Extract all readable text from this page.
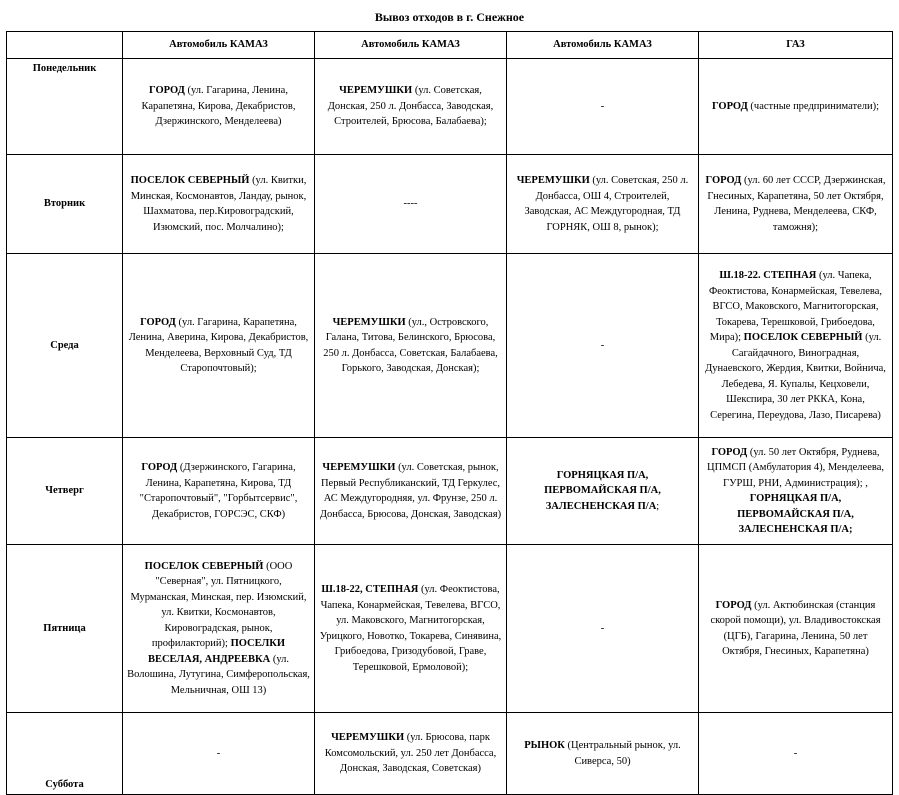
Вывоз отходов в г. Снежное
	Автомобиль КАМАЗ	Автомобиль КАМАЗ	Автомобиль КАМАЗ	ГАЗ
Понедельник	ГОРОД (ул. Гагарина, Ленина, Карапетяна, Кирова, Декабристов, Дзержинского, Менделеева)	ЧЕРЕМУШКИ (ул. Советская, Донская, 250 л. Донбасса, Заводская, Строителей, Брюсова, Балабаева);	-	ГОРОД (частные предприниматели);
Вторник	ПОСЕЛОК СЕВЕРНЫЙ (ул. Квитки, Минская, Космонавтов, Ландау, рынок, Шахматова, пер.Кировоградский, Изюмский, пос. Молчалино);	----	ЧЕРЕМУШКИ (ул. Советская, 250 л. Донбасса, ОШ 4, Строителей, Заводская, АС Междугородная, ТД ГОРНЯК, ОШ 8, рынок);	ГОРОД (ул. 60 лет СССР, Дзержинская, Гнесиных, Карапетяна, 50 лет Октября, Ленина, Руднева, Менделеева, СКФ, таможня);
Среда	ГОРОД (ул. Гагарина, Карапетяна, Ленина, Аверина, Кирова, Декабристов, Менделеева, Верховный Суд, ТД Старопочтовый);	ЧЕРЕМУШКИ (ул., Островского, Галана, Титова, Белинского, Брюсова, 250 л. Донбасса, Советская, Балабаева, Горького, Заводская, Донская);	-	Ш.18-22. СТЕПНАЯ (ул. Чапека, Феоктистова, Конармейская, Тевелева, ВГСО, Маковского, Магнитогорская, Токарева, Терешковой, Грибоедова, Мира); ПОСЕЛОК СЕВЕРНЫЙ (ул. Сагайдачного, Виноградная, Дунаевского, Жердия, Квитки, Войнича, Лебедева, Я. Купалы, Кецховели, Шекспира, 30 лет РККА, Кона, Серегина, Переудова, Лазо, Писарева)
Четверг	ГОРОД (Дзержинского, Гагарина, Ленина, Карапетяна, Кирова, ТД "Старопочтовый", "Горбытсервис", Декабристов, ГОРСЭС, СКФ)	ЧЕРЕМУШКИ (ул. Советская, рынок, Первый Республиканский, ТД Геркулес, АС Междугородняя, ул. Фрунзе, 250 л. Донбасса, Брюсова, Донская, Заводская)	ГОРНЯЦКАЯ П/А, ПЕРВОМАЙСКАЯ П/А, ЗАЛЕСНЕНСКАЯ П/А;	ГОРОД (ул. 50 лет Октября, Руднева, ЦПМСП (Амбулатория 4), Менделеева, ГУРШ, РНИ, Администрация); , ГОРНЯЦКАЯ П/А, ПЕРВОМАЙСКАЯ П/А, ЗАЛЕСНЕНСКАЯ П/А;
Пятница	ПОСЕЛОК СЕВЕРНЫЙ (ООО "Северная", ул. Пятницкого, Мурманская, Минская, пер. Изюмский, ул. Квитки, Космонавтов, Кировоградская, рынок, профилакторий); ПОСЕЛКИ ВЕСЕЛАЯ, АНДРЕЕВКА (ул. Волошина, Лутугина, Симферопольская, Мельничная, ОШ 13)	Ш.18-22, СТЕПНАЯ (ул. Феоктистова, Чапека, Конармейская, Тевелева, ВГСО, ул. Маковского, Магнитогорская, Урицкого, Новотко, Токарева, Синявина, Грибоедова, Гризодубовой, Граве, Терешковой, Ермоловой);	-	ГОРОД (ул. Актюбинская (станция скорой помощи), ул. Владивостокская (ЦГБ), Гагарина, Ленина, 50 лет Октября, Гнесиных, Карапетяна)
Суббота	-	ЧЕРЕМУШКИ (ул. Брюсова, парк Комсомольский, ул. 250 лет Донбасса, Донская, Заводская, Советская)	РЫНОК (Центральный рынок, ул. Сиверса, 50)	-
